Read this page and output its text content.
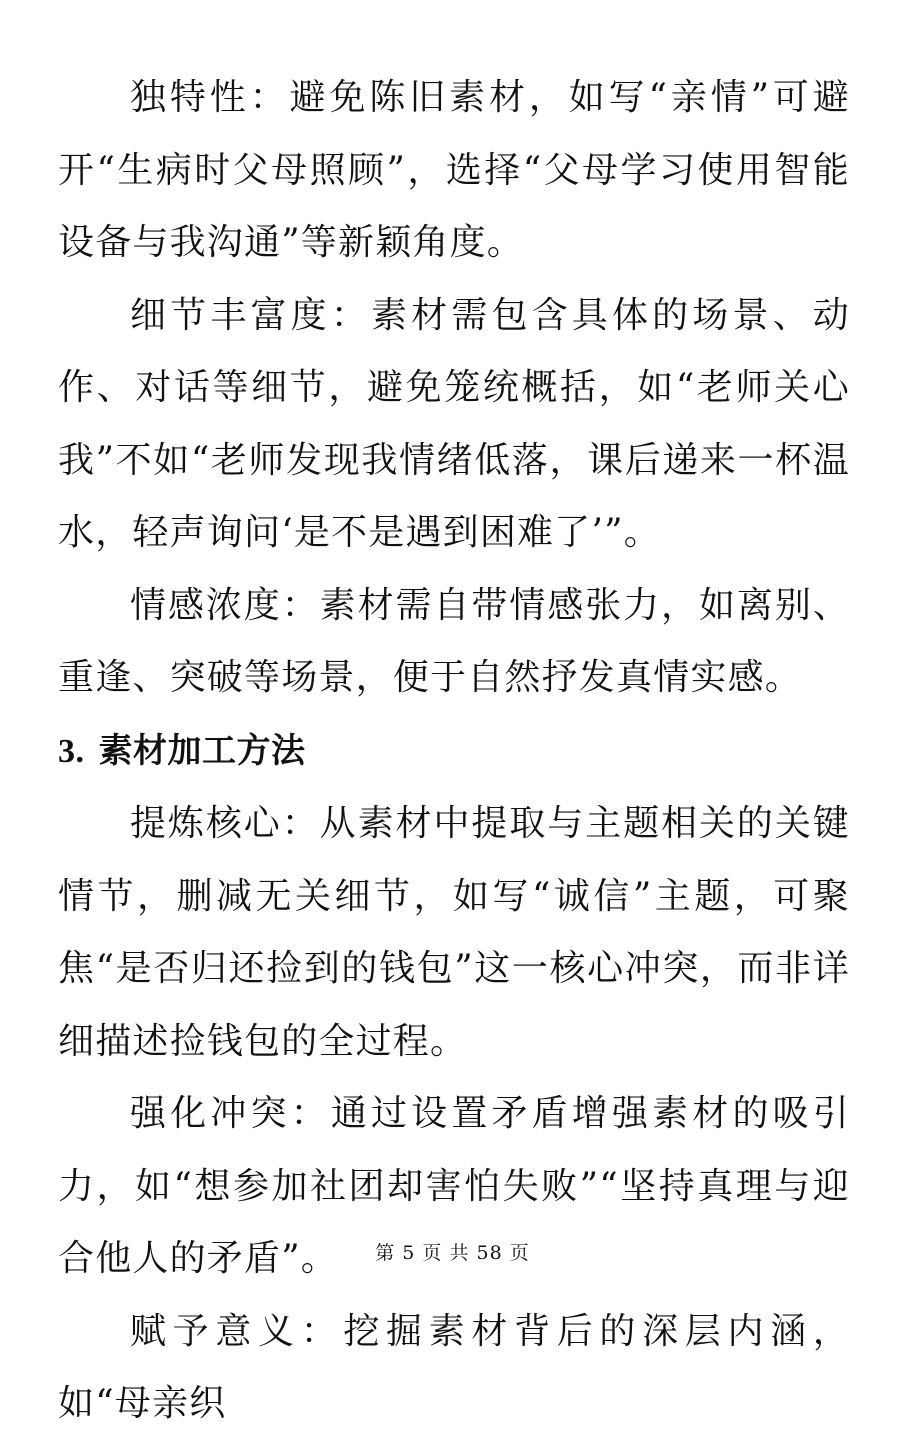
独特性：避免陈旧素材，如写“亲情”可避开“生病时父母照顾”，选择“父母学习使用智能设备与我沟通”等新颖角度。

细节丰富度：素材需包含具体的场景、动作、对话等细节，避免笼统概括，如“老师关心我”不如“老师发现我情绪低落，课后递来一杯温水，轻声询问‘是不是遇到困难了’”。

情感浓度：素材需自带情感张力，如离别、重逢、突破等场景，便于自然抒发真情实感。

3. 素材加工方法

提炼核心：从素材中提取与主题相关的关键情节，删减无关细节，如写“诚信”主题，可聚焦“是否归还捡到的钱包”这一核心冲突，而非详细描述捡钱包的全过程。

强化冲突：通过设置矛盾增强素材的吸引力，如“想参加社团却害怕失败”“坚持真理与迎合他人的矛盾”。

赋予意义：挖掘素材背后的深层内涵，如“母亲织

第 5 页 共 58 页
